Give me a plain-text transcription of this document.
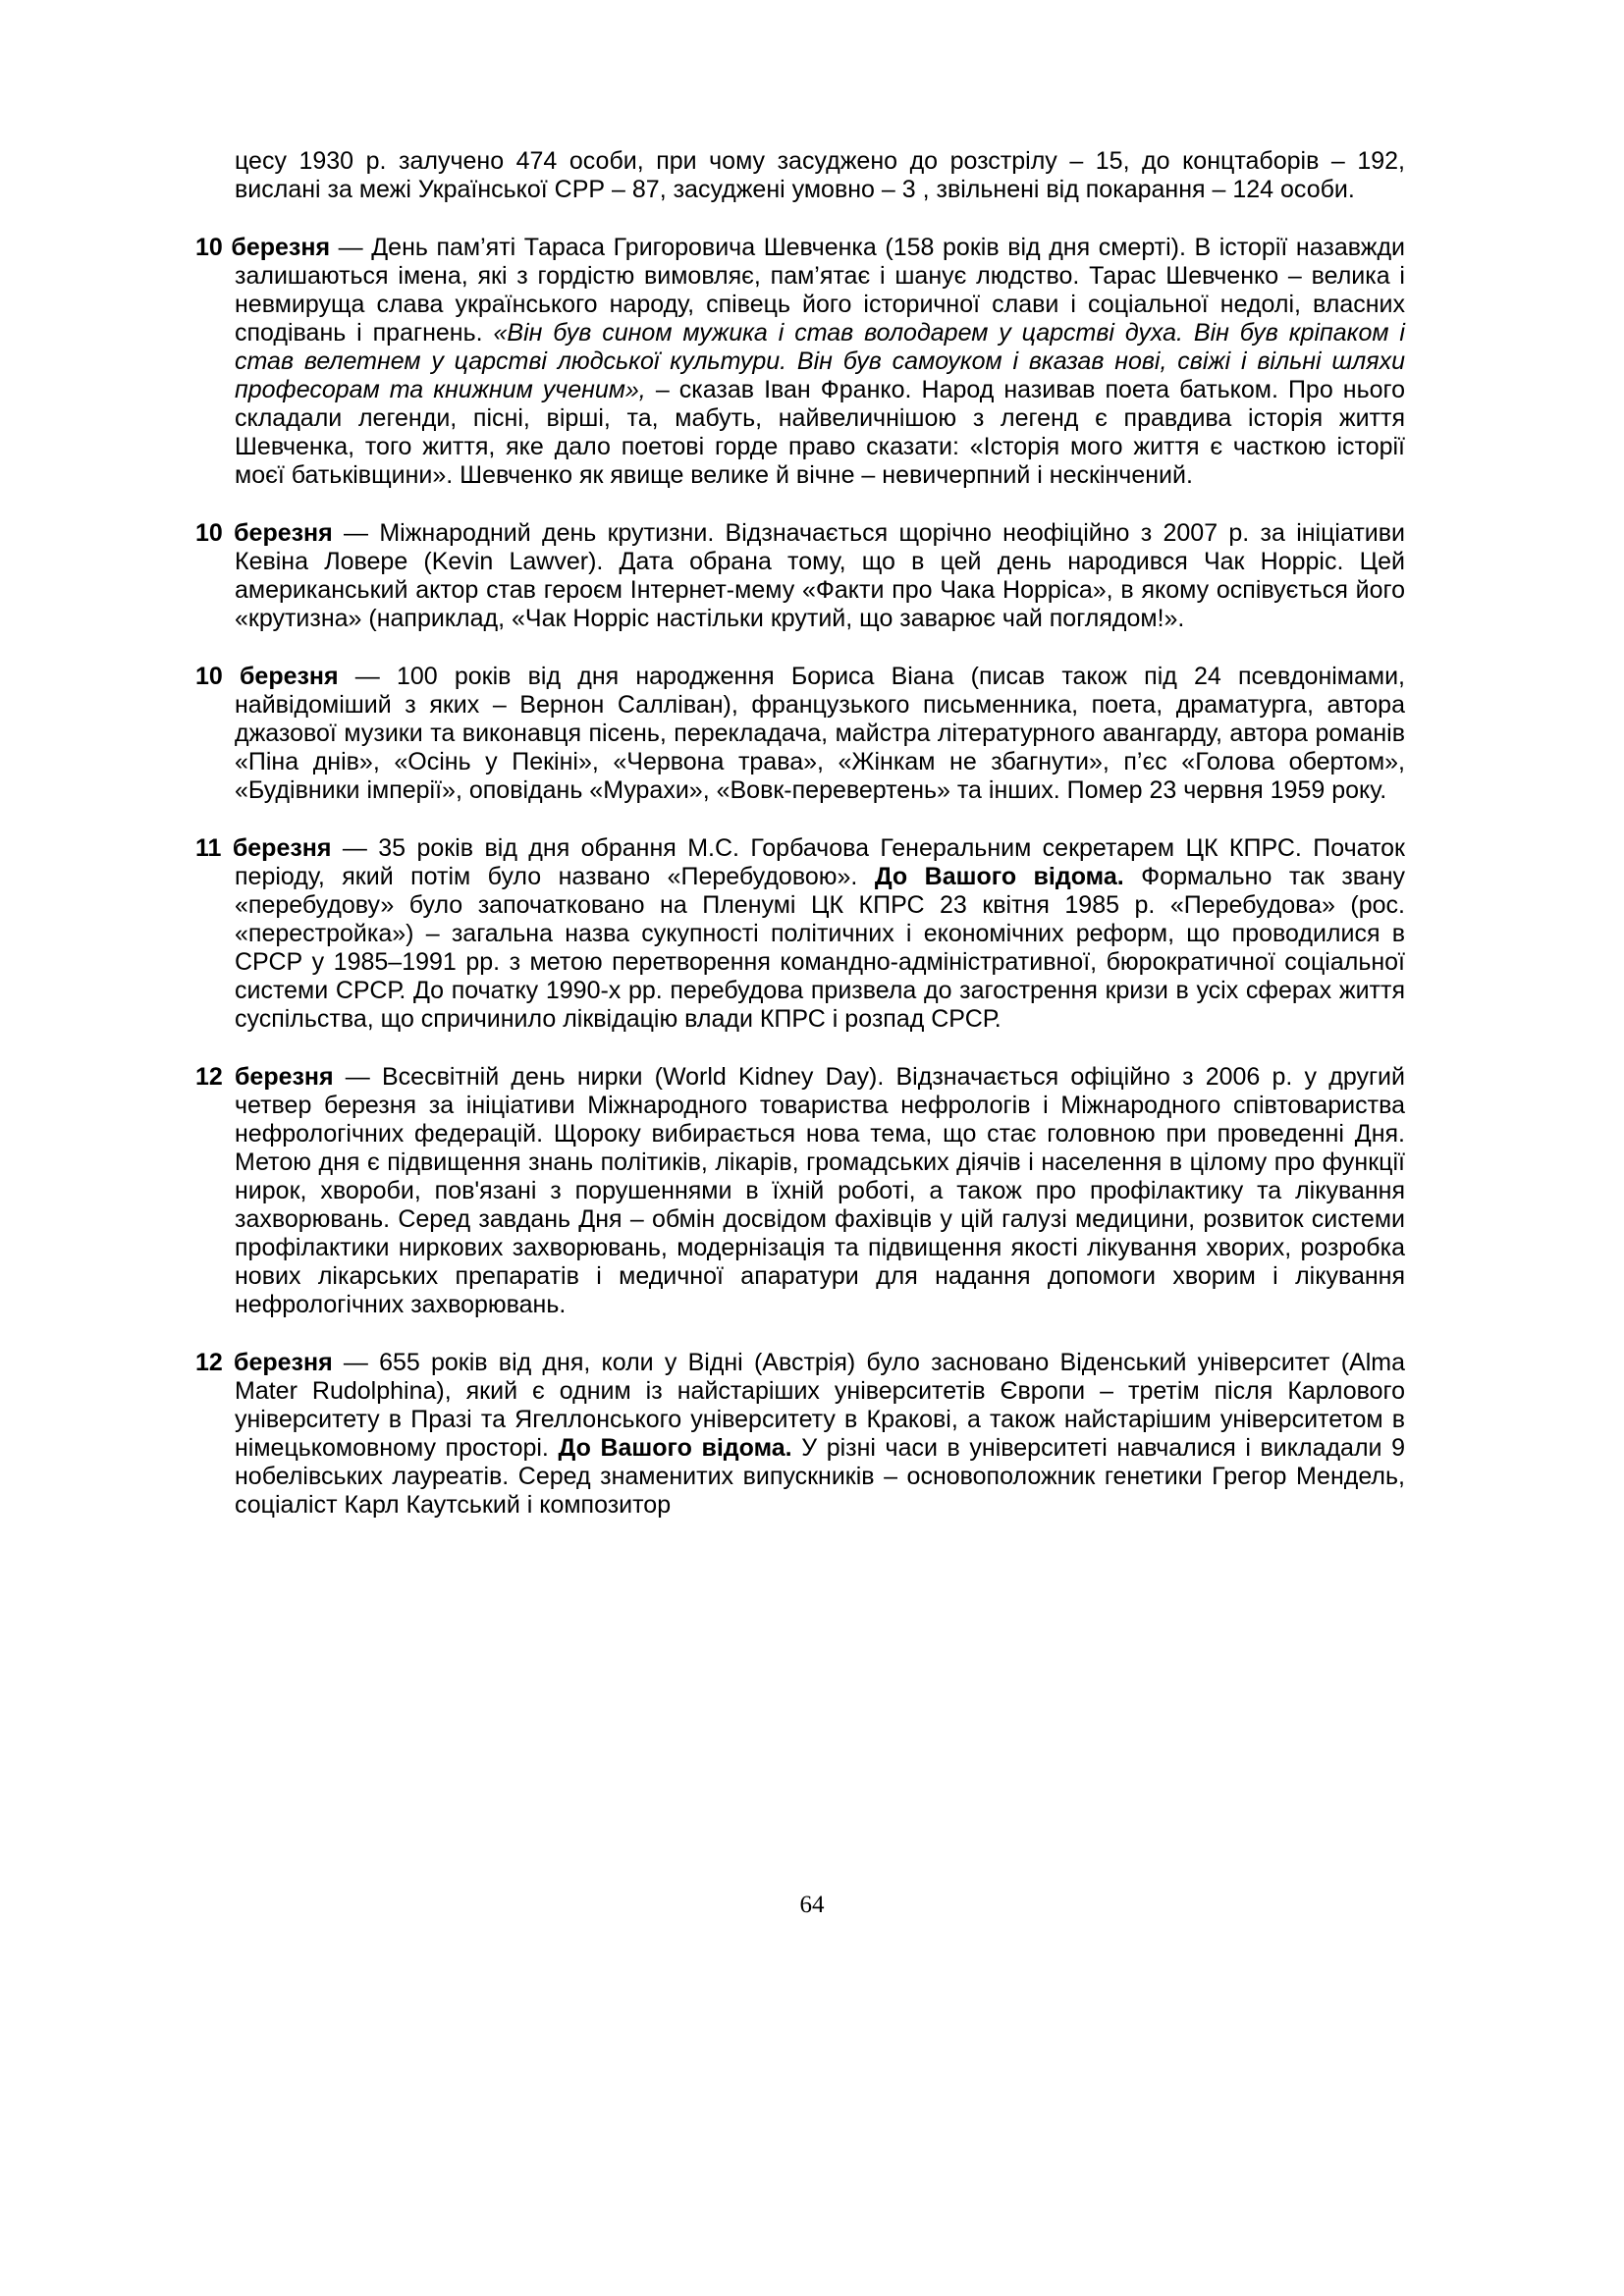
цесу 1930 р. залучено 474 особи, при чому засуджено до розстрілу – 15, до концтаборів – 192, вислані за межі Української СРР – 87, засуджені умовно – 3 , звільнені від покарання – 124 особи.

10 березня — День пам’яті Тараса Григоровича Шевченка (158 років від дня смерті). В історії назавжди залишаються імена, які з гордістю вимовляє, пам’ятає і шанує людство. Тарас Шевченко – велика і невмируща слава українського народу, співець його історичної слави і соціальної недолі, власних сподівань і прагнень. «Він був сином мужика і став володарем у царстві духа. Він був кріпаком і став велетнем у царстві людської культури. Він був самоуком і вказав нові, свіжі і вільні шляхи професорам та книжним ученим», – сказав Іван Франко. Народ називав поета батьком. Про нього складали легенди, пісні, вірші, та, мабуть, найвеличнішою з легенд є правдива історія життя Шевченка, того життя, яке дало поетові горде право сказати: «Історія мого життя є часткою історії моєї батьківщини». Шевченко як явище велике й вічне – невичерпний і нескінчений.

10 березня — Міжнародний день крутизни. Відзначається щорічно неофіційно з 2007 р. за ініціативи Кевіна Ловере (Kevin Lawver). Дата обрана тому, що в цей день народився Чак Норріс. Цей американський актор став героєм Інтернет-мему «Факти про Чака Норріса», в якому оспівується його «крутизна» (наприклад, «Чак Норріс настільки крутий, що заварює чай поглядом!».

10 березня — 100 років від дня народження Бориса Віана (писав також під 24 псевдонімами, найвідоміший з яких – Вернон Салліван), французького письменника, поета, драматурга, автора джазової музики та виконавця пісень, перекладача, майстра літературного авангарду, автора романів «Піна днів», «Осінь у Пекіні», «Червона трава», «Жінкам не збагнути», п’єс «Голова обертом», «Будівники імперії», оповідань «Мурахи», «Вовк-перевертень» та інших. Помер 23 червня 1959 року.

11 березня — 35 років від дня обрання М.С. Горбачова Генеральним секретарем ЦК КПРС. Початок періоду, який потім було названо «Перебудовою». До Вашого відома. Формально так звану «перебудову» було започатковано на Пленумі ЦК КПРС 23 квітня 1985 р. «Перебудова» (рос. «перестройка») – загальна назва сукупності політичних і економічних реформ, що проводилися в СРСР у 1985–1991 рр. з метою перетворення командно-адміністративної, бюрократичної соціальної системи СРСР. До початку 1990-х рр. перебудова призвела до загострення кризи в усіх сферах життя суспільства, що спричинило ліквідацію влади КПРС і розпад СРСР.

12 березня — Всесвітній день нирки (World Kidney Day). Відзначається офіційно з 2006 р. у другий четвер березня за ініціативи Міжнародного товариства нефрологів і Міжнародного співтовариства нефрологічних федерацій. Щороку вибирається нова тема, що стає головною при проведенні Дня. Метою дня є підвищення знань політиків, лікарів, громадських діячів і населення в цілому про функції нирок, хвороби, пов'язані з порушеннями в їхній роботі, а також про профілактику та лікування захворювань. Серед завдань Дня – обмін досвідом фахівців у цій галузі медицини, розвиток системи профілактики ниркових захворювань, модернізація та підвищення якості лікування хворих, розробка нових лікарських препаратів і медичної апаратури для надання допомоги хворим і лікування нефрологічних захворювань.

12 березня — 655 років від дня, коли у Відні (Австрія) було засновано Віденський університет (Alma Mater Rudolphina), який є одним із найстаріших університетів Європи – третім після Карлового університету в Празі та Ягеллонського університету в Кракові, а також найстарішим університетом в німецькомовному просторі. До Вашого відома. У різні часи в університеті навчалися і викладали 9 нобелівських лауреатів. Серед знаменитих випускників – основоположник генетики Грегор Мендель, соціаліст Карл Каутський і композитор

64
